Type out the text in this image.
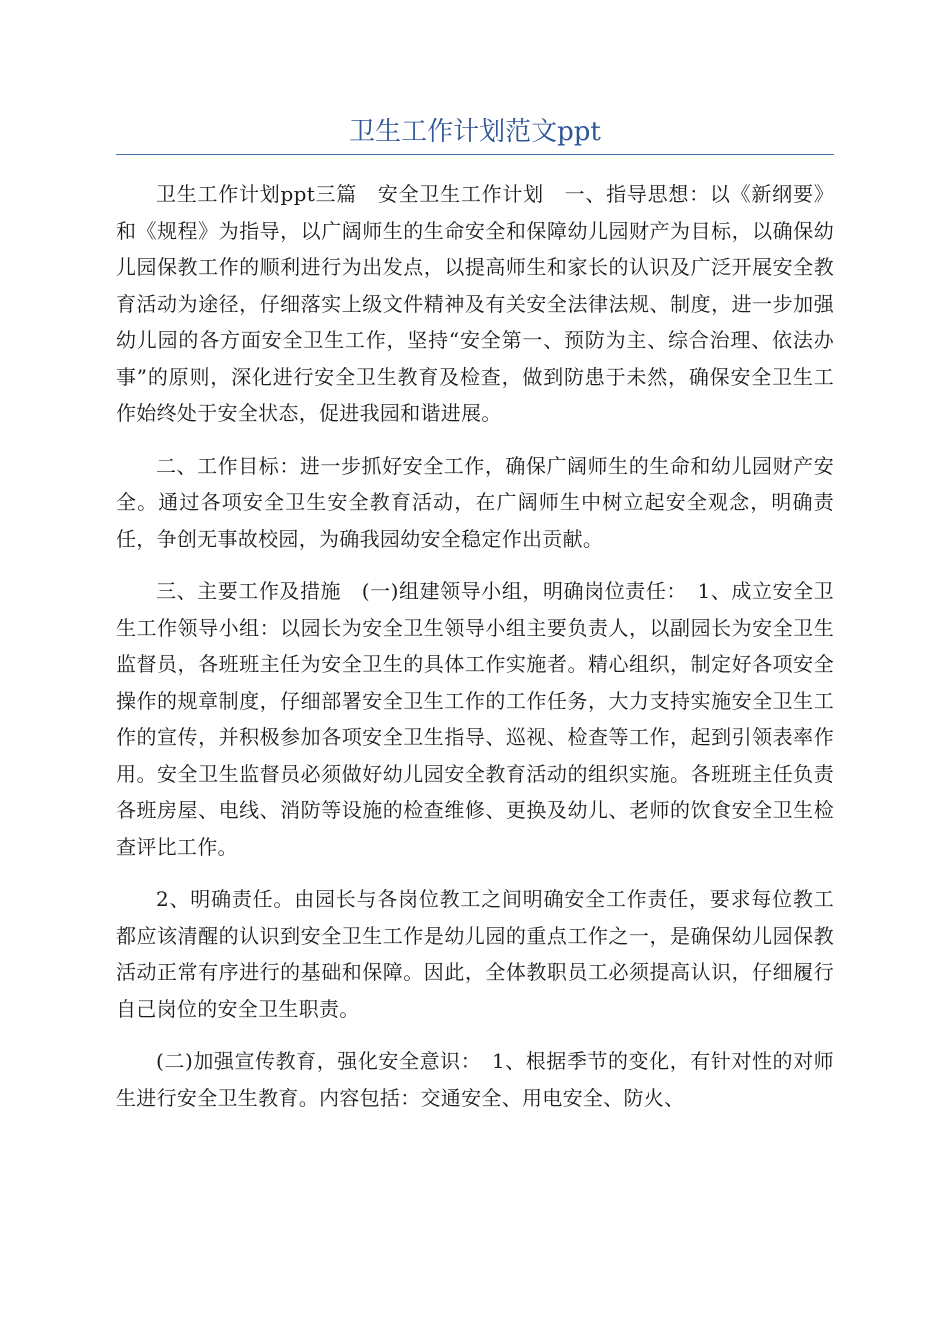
卫生工作计划范文ppt

卫生工作计划ppt三篇　安全卫生工作计划　一、指导思想：以《新纲要》和《规程》为指导，以广阔师生的生命安全和保障幼儿园财产为目标，以确保幼儿园保教工作的顺利进行为出发点，以提高师生和家长的认识及广泛开展安全教育活动为途径，仔细落实上级文件精神及有关安全法律法规、制度，进一步加强幼儿园的各方面安全卫生工作，坚持“安全第一、预防为主、综合治理、依法办事”的原则，深化进行安全卫生教育及检查，做到防患于未然，确保安全卫生工作始终处于安全状态，促进我园和谐进展。

二、工作目标：进一步抓好安全工作，确保广阔师生的生命和幼儿园财产安全。通过各项安全卫生安全教育活动，在广阔师生中树立起安全观念，明确责任，争创无事故校园，为确我园幼安全稳定作出贡献。

三、主要工作及措施　(一)组建领导小组，明确岗位责任：　1、成立安全卫生工作领导小组：以园长为安全卫生领导小组主要负责人，以副园长为安全卫生监督员，各班班主任为安全卫生的具体工作实施者。精心组织，制定好各项安全操作的规章制度，仔细部署安全卫生工作的工作任务，大力支持实施安全卫生工作的宣传，并积极参加各项安全卫生指导、巡视、检查等工作，起到引领表率作用。安全卫生监督员必须做好幼儿园安全教育活动的组织实施。各班班主任负责各班房屋、电线、消防等设施的检查维修、更换及幼儿、老师的饮食安全卫生检查评比工作。

2、明确责任。由园长与各岗位教工之间明确安全工作责任，要求每位教工都应该清醒的认识到安全卫生工作是幼儿园的重点工作之一，是确保幼儿园保教活动正常有序进行的基础和保障。因此，全体教职员工必须提高认识，仔细履行自己岗位的安全卫生职责。

(二)加强宣传教育，强化安全意识：　1、根据季节的变化，有针对性的对师生进行安全卫生教育。内容包括：交通安全、用电安全、防火、
